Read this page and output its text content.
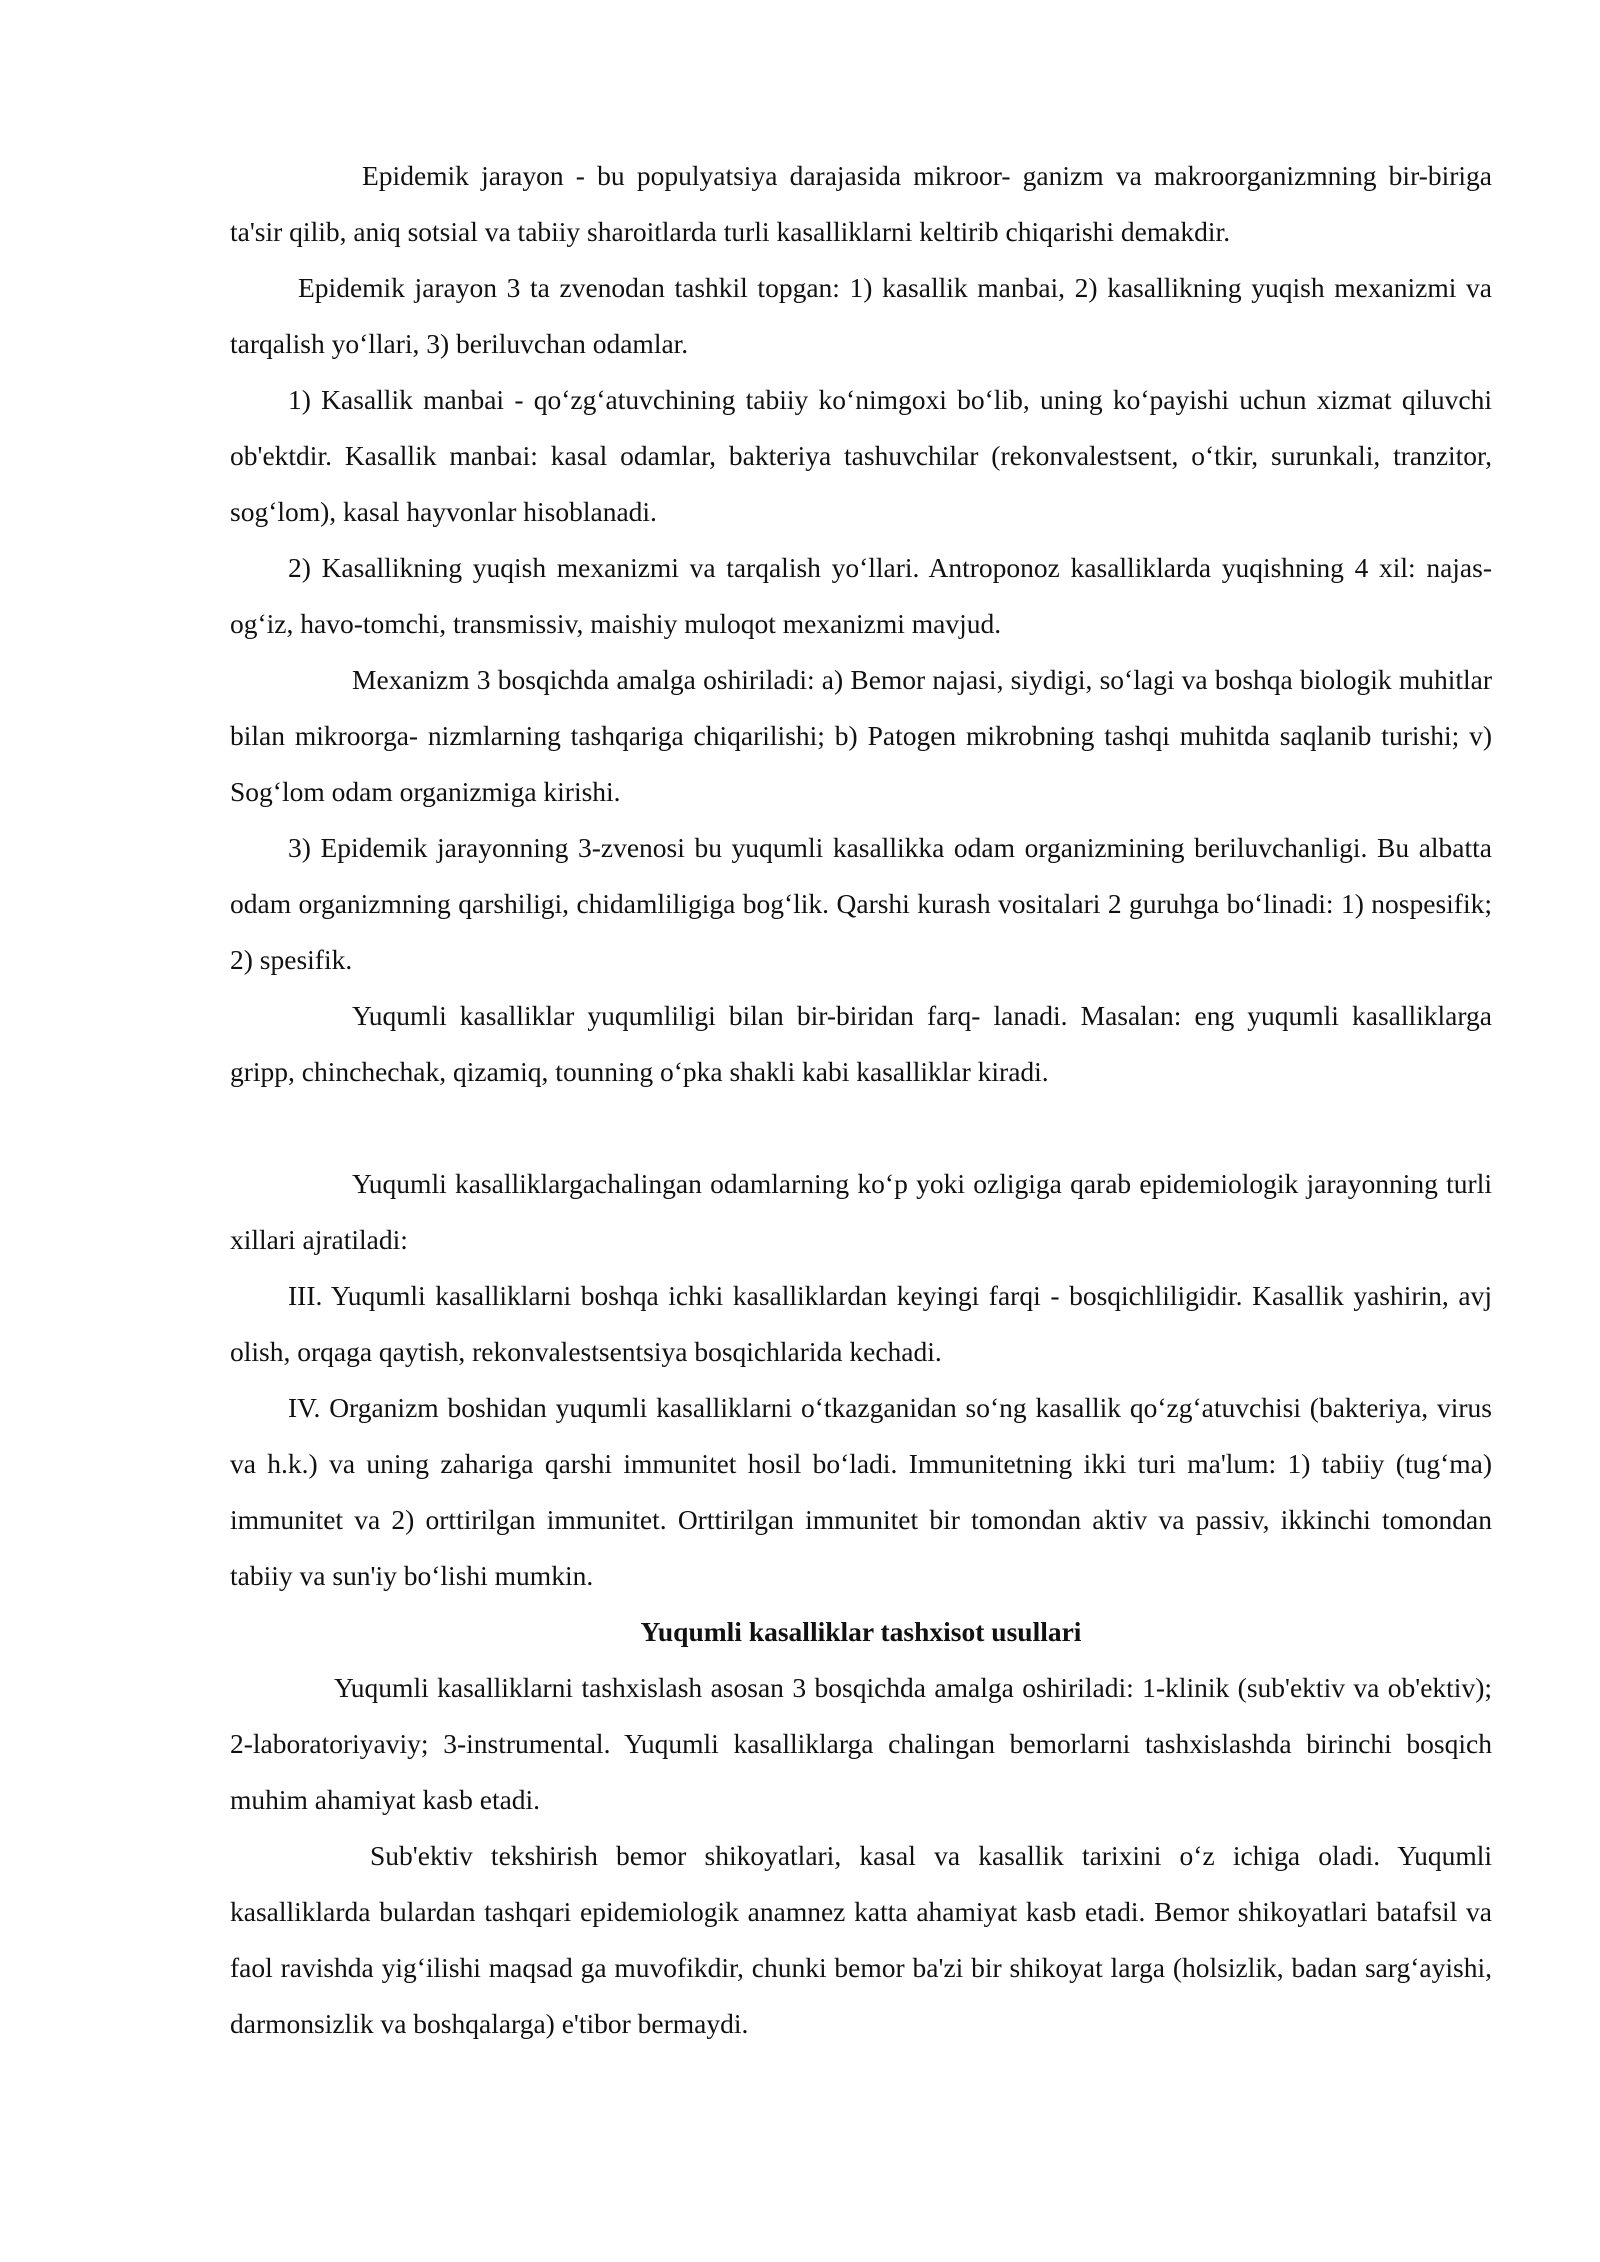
Epidemik jarayon - bu populyatsiya darajasida mikroor- ganizm va makroorganizmning bir-biriga ta'sir qilib, aniq sotsial va tabiiy sharoitlarda turli kasalliklarni keltirib chiqarishi demakdir.

Epidemik jarayon 3 ta zvenodan tashkil topgan: 1) kasallik manbai, 2) kasallikning yuqish mexanizmi va tarqalish yo‘llari, 3) beriluvchan odamlar.

1) Kasallik manbai - qo‘zg‘atuvchining tabiiy ko‘nimgoxi bo‘lib, uning ko‘payishi uchun xizmat qiluvchi ob'ektdir. Kasallik manbai: kasal odamlar, bakteriya tashuvchilar (rekonvalestsent, o‘tkir, surunkali, tranzitor, sog‘lom), kasal hayvonlar hisoblanadi.

2) Kasallikning yuqish mexanizmi va tarqalish yo‘llari. Antroponoz kasalliklarda yuqishning 4 xil: najas-og‘iz, havo-tomchi, transmissiv, maishiy muloqot mexanizmi mavjud.

Mexanizm 3 bosqichda amalga oshiriladi: a) Bemor najasi, siydigi, so‘lagi va boshqa biologik muhitlar bilan mikroorga- nizmlarning tashqariga chiqarilishi; b) Patogen mikrobning tashqi muhitda saqlanib turishi; v) Sog‘lom odam organizmiga kirishi.

3) Epidemik jarayonning 3-zvenosi bu yuqumli kasallikka odam organizmining beriluvchanligi. Bu albatta odam organizmning qarshiligi, chidamliligiga bog‘lik. Qarshi kurash vositalari 2 guruhga bo‘linadi: 1) nospesifik; 2) spesifik.

Yuqumli kasalliklar yuqumliligi bilan bir-biridan farq- lanadi. Masalan: eng yuqumli kasalliklarga gripp, chinchechak, qizamiq, tounning o‘pka shakli kabi kasalliklar kiradi.

Yuqumli kasalliklargachalingan odamlarning ko‘p yoki ozligiga qarab epidemiologik jarayonning turli xillari ajratiladi:

III. Yuqumli kasalliklarni boshqa ichki kasalliklardan keyingi farqi - bosqichliligidir. Kasallik yashirin, avj olish, orqaga qaytish, rekonvalestsentsiya bosqichlarida kechadi.

IV. Organizm boshidan yuqumli kasalliklarni o‘tkazganidan so‘ng kasallik qo‘zg‘atuvchisi (bakteriya, virus va h.k.) va uning zahariga qarshi immunitet hosil bo‘ladi. Immunitetning ikki turi ma'lum: 1) tabiiy (tug‘ma) immunitet va 2) orttirilgan immunitet. Orttirilgan immunitet bir tomondan aktiv va passiv, ikkinchi tomondan tabiiy va sun'iy bo‘lishi mumkin.

Yuqumli kasalliklar tashxisot usullari

Yuqumli kasalliklarni tashxislash asosan 3 bosqichda amalga oshiriladi: 1-klinik (sub'ektiv va ob'ektiv); 2-laboratoriyaviy; 3-instrumental. Yuqumli kasalliklarga chalingan bemorlarni tashxislashda birinchi bosqich muhim ahamiyat kasb etadi.

Sub'ektiv tekshirish bemor shikoyatlari, kasal va kasallik tarixini o‘z ichiga oladi. Yuqumli kasalliklarda bulardan tashqari epidemiologik anamnez katta ahamiyat kasb etadi. Bemor shikoyatlari batafsil va faol ravishda yig‘ilishi maqsad ga muvofikdir, chunki bemor ba'zi bir shikoyat larga (holsizlik, badan sarg‘ayishi, darmonsizlik va boshqalarga) e'tibor bermaydi.
